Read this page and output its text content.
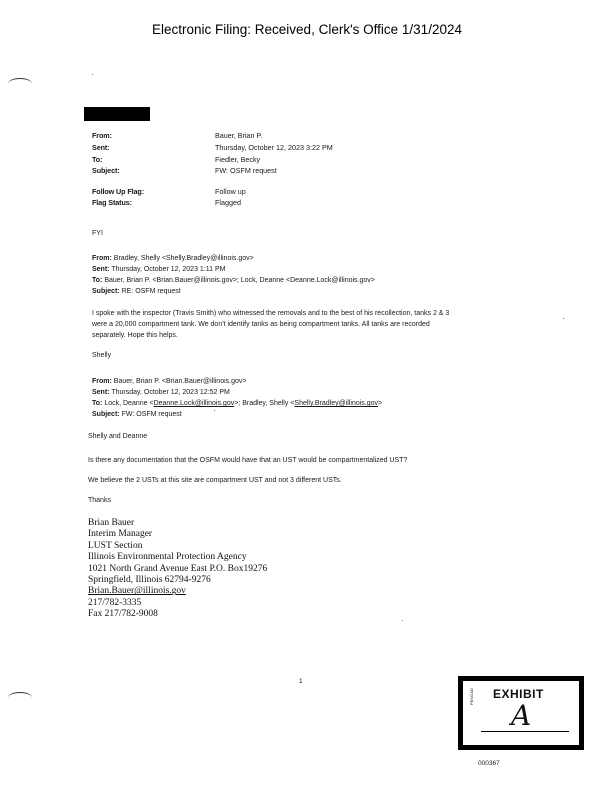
Electronic Filing: Received, Clerk's Office 1/31/2024
From:	Bauer, Brian P.
Sent:	Thursday, October 12, 2023 3:22 PM
To:	Fiedler, Becky
Subject:	FW: OSFM request
Follow Up Flag:	Follow up
Flag Status:	Flagged
FYI
From: Bradley, Shelly <Shelly.Bradley@illinois.gov>
Sent: Thursday, October 12, 2023 1:11 PM
To: Bauer, Brian P. <Brian.Bauer@illinois.gov>; Lock, Deanne <Deanne.Lock@illinois.gov>
Subject: RE: OSFM request
I spoke with the inspector (Travis Smith) who witnessed the removals and to the best of his recollection, tanks 2 & 3
were a 20,000 compartment tank. We don't identify tanks as being compartment tanks. All tanks are recorded
separately. Hope this helps.
Shelly
From: Bauer, Brian P. <Brian.Bauer@illinois.gov>
Sent: Thursday, October 12, 2023 12:52 PM
To: Lock, Deanne <Deanne.Lock@illinois.gov>; Bradley, Shelly <Shelly.Bradley@illinois.gov>
Subject: FW: OSFM request
Shelly and Deanne
Is there any documentation that the OSFM would have that an UST would be compartmentalized UST?
We believe the 2 USTs at this site are compartment UST and not 3 different USTs.
Thanks
Brian Bauer
Interim Manager
LUST Section
Illinois Environmental Protection Agency
1021 North Grand Avenue East P.O. Box19276
Springfield, Illinois 62794-9276
Brian.Bauer@illinois.gov
217/782-3335
Fax 217/782-9008
1
EXHIBIT
PENGAD
A
000367
